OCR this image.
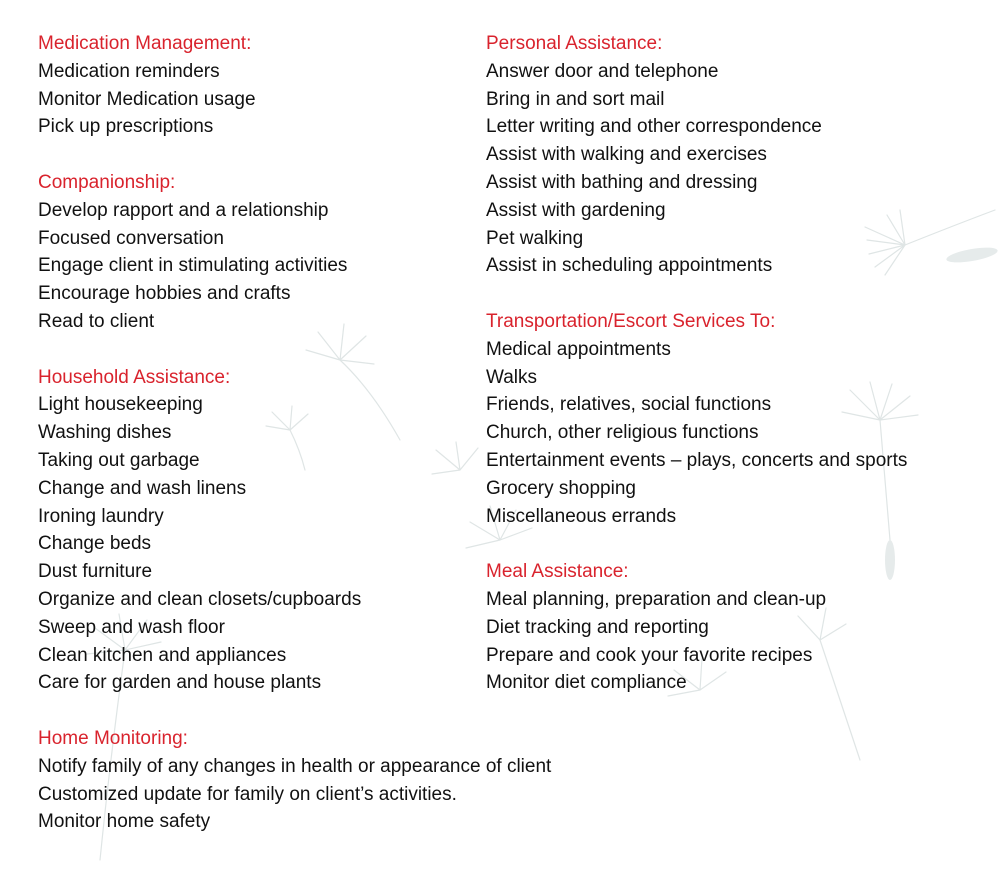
Medication Management:
Medication reminders
Monitor Medication usage
Pick up prescriptions
Companionship:
Develop rapport and a relationship
Focused conversation
Engage client in stimulating activities
Encourage hobbies and crafts
Read to client
Household Assistance:
Light housekeeping
Washing dishes
Taking out garbage
Change and wash linens
Ironing laundry
Change beds
Dust furniture
Organize and clean closets/cupboards
Sweep and wash floor
Clean kitchen and appliances
Care for garden and house plants
Home Monitoring:
Notify family of any changes in health or appearance of client
Customized update for family on client’s activities.
Monitor home safety
Personal Assistance:
Answer door and telephone
Bring in and sort mail
Letter writing and other correspondence
Assist with walking and exercises
Assist with bathing and dressing
Assist with gardening
Pet walking
Assist in scheduling appointments
Transportation/Escort Services To:
Medical appointments
Walks
Friends, relatives, social functions
Church, other religious functions
Entertainment events – plays, concerts and sports
Grocery shopping
Miscellaneous errands
Meal Assistance:
Meal planning, preparation and clean-up
Diet tracking and reporting
Prepare and cook your favorite recipes
Monitor diet compliance
